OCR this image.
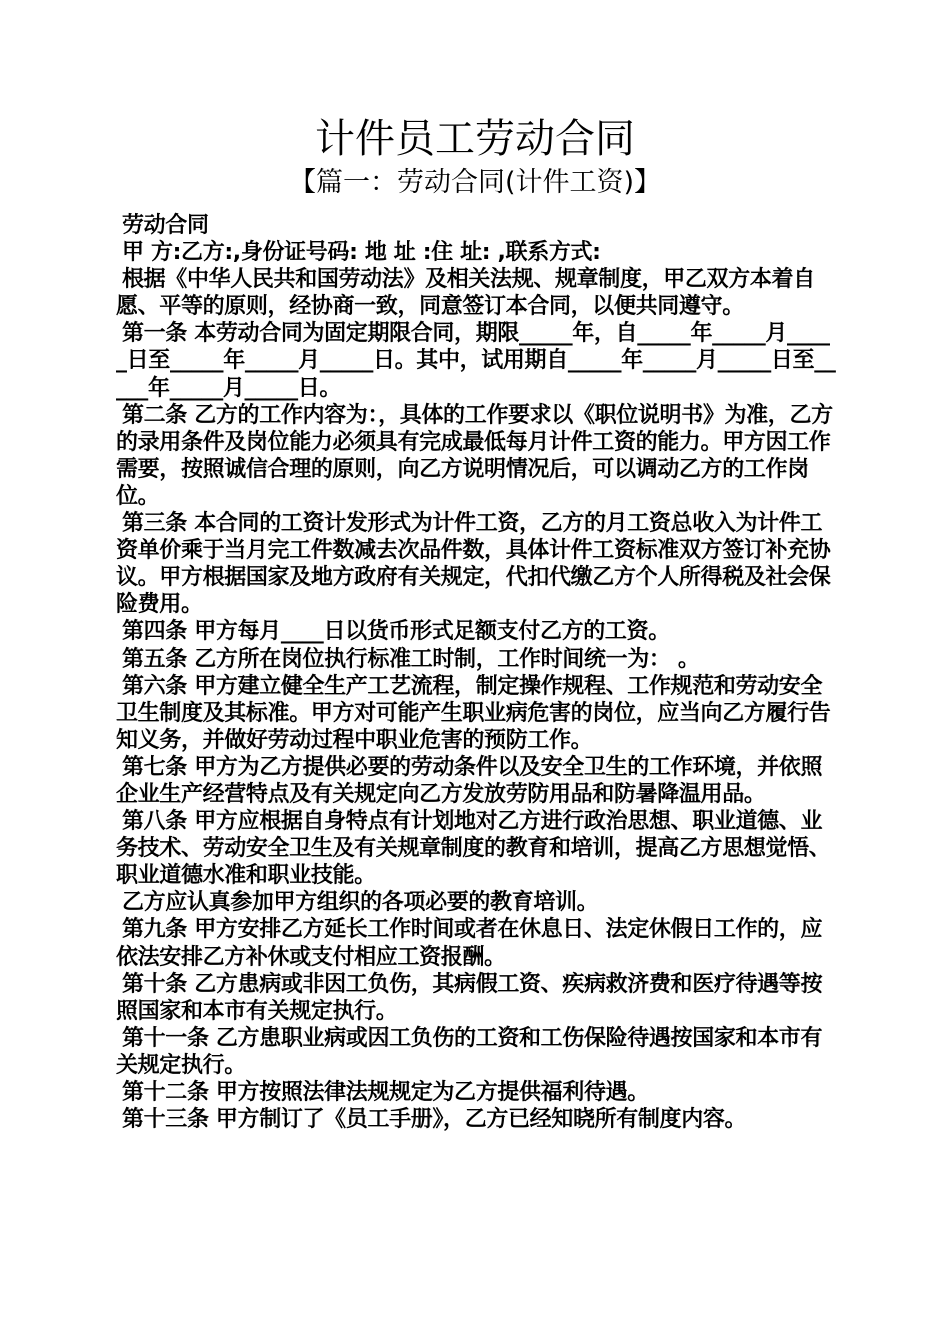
计件员工劳动合同
【篇一：劳动合同(计件工资)】

劳动合同

甲 方:乙方:,身份证号码: 地 址 :住 址: ,联系方式:

根据《中华人民共和国劳动法》及相关法规、规章制度，甲乙双方本着自愿、平等的原则，经协商一致，同意签订本合同，以便共同遵守。

第一条 本劳动合同为固定期限合同，期限_____年，自_____年_____月_____日至_____年_____月_____日。其中，试用期自_____年_____月_____日至_____年_____月_____日。

第二条 乙方的工作内容为：，具体的工作要求以《职位说明书》为准，乙方的录用条件及岗位能力必须具有完成最低每月计件工资的能力。甲方因工作需要，按照诚信合理的原则，向乙方说明情况后，可以调动乙方的工作岗位。

第三条 本合同的工资计发形式为计件工资，乙方的月工资总收入为计件工资单价乘于当月完工件数减去次品件数，具体计件工资标准双方签订补充协议。甲方根据国家及地方政府有关规定，代扣代缴乙方个人所得税及社会保险费用。

第四条 甲方每月____日以货币形式足额支付乙方的工资。

第五条 乙方所在岗位执行标准工时制，工作时间统一为： 。

第六条 甲方建立健全生产工艺流程，制定操作规程、工作规范和劳动安全卫生制度及其标准。甲方对可能产生职业病危害的岗位，应当向乙方履行告知义务，并做好劳动过程中职业危害的预防工作。

第七条 甲方为乙方提供必要的劳动条件以及安全卫生的工作环境，并依照企业生产经营特点及有关规定向乙方发放劳防用品和防暑降温用品。

第八条 甲方应根据自身特点有计划地对乙方进行政治思想、职业道德、业务技术、劳动安全卫生及有关规章制度的教育和培训，提高乙方思想觉悟、职业道德水准和职业技能。

乙方应认真参加甲方组织的各项必要的教育培训。

第九条 甲方安排乙方延长工作时间或者在休息日、法定休假日工作的，应依法安排乙方补休或支付相应工资报酬。

第十条 乙方患病或非因工负伤，其病假工资、疾病救济费和医疗待遇等按照国家和本市有关规定执行。

第十一条 乙方患职业病或因工负伤的工资和工伤保险待遇按国家和本市有关规定执行。

第十二条 甲方按照法律法规规定为乙方提供福利待遇。

第十三条 甲方制订了《员工手册》，乙方已经知晓所有制度内容。
